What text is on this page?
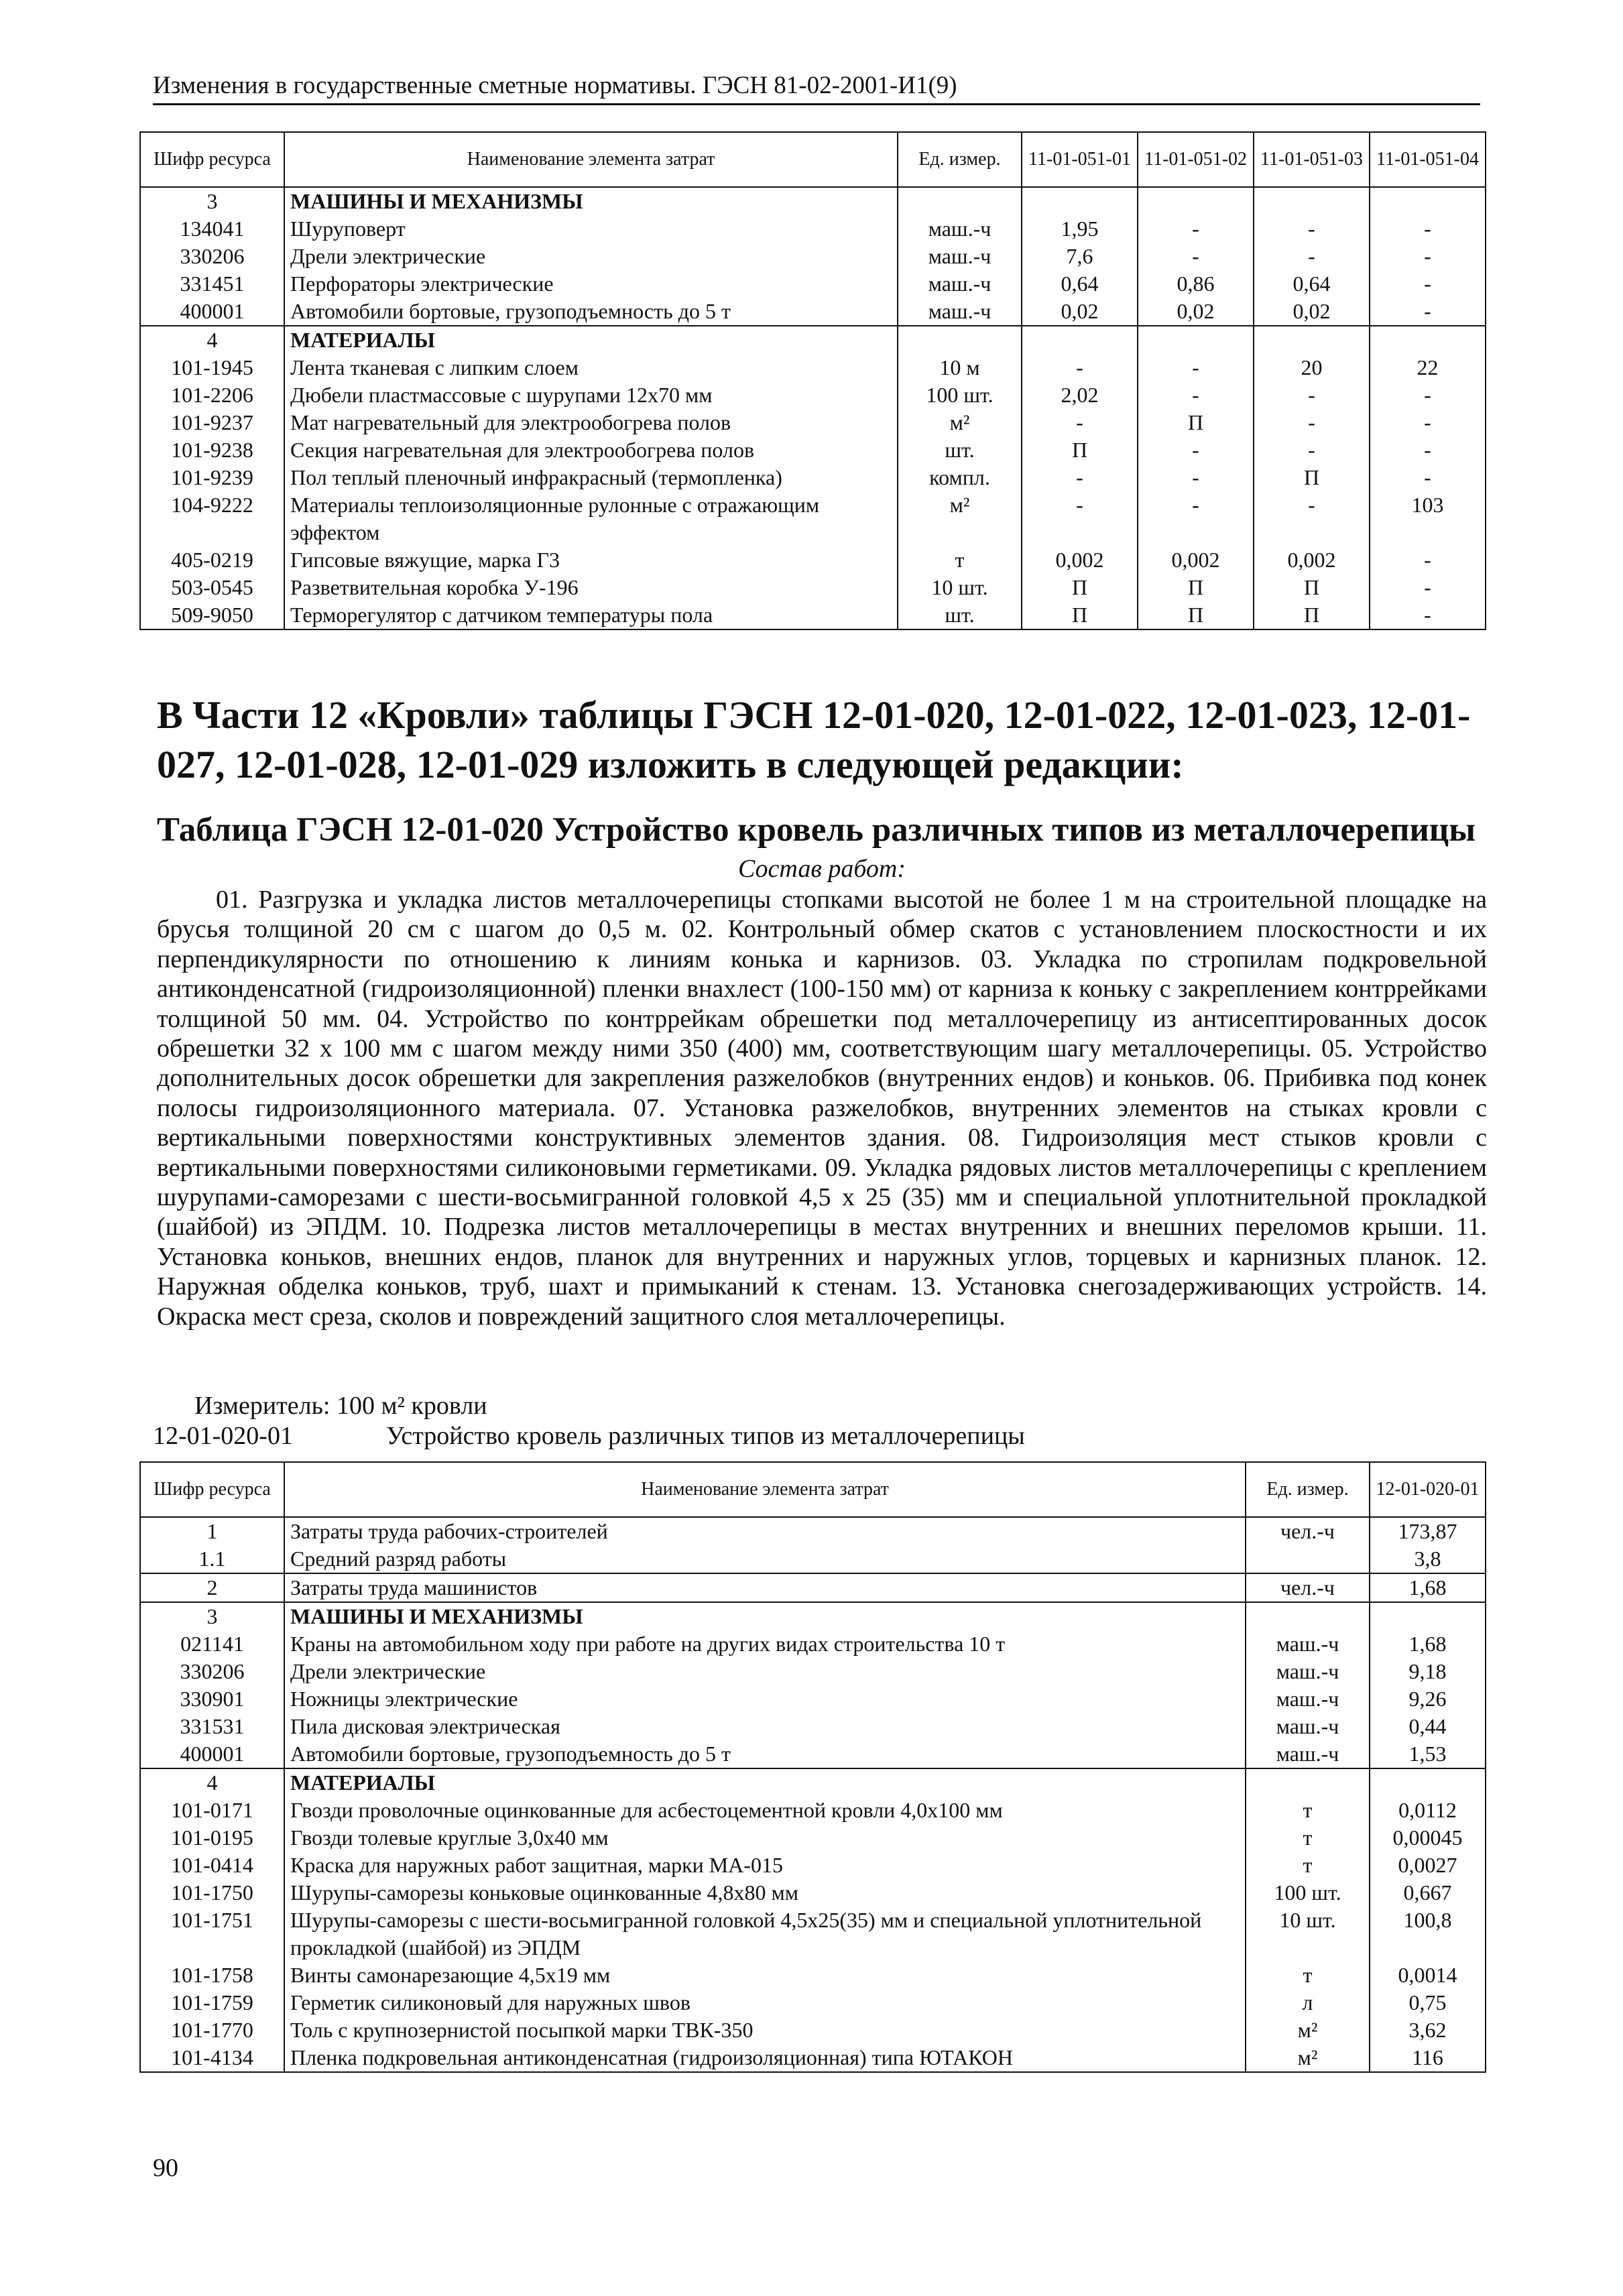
Изменения в государственные сметные нормативы. ГЭСН 81-02-2001-И1(9)
Шифр ресурса	Наименование элемента затрат	Ед. измер.	11-01-051-01	11-01-051-02	11-01-051-03	11-01-051-04
3	МАШИНЫ И МЕХАНИЗМЫ					
134041	Шуруповерт	маш.-ч	1,95	-	-	-
330206	Дрели электрические	маш.-ч	7,6	-	-	-
331451	Перфораторы электрические	маш.-ч	0,64	0,86	0,64	-
400001	Автомобили бортовые, грузоподъемность до 5 т	маш.-ч	0,02	0,02	0,02	-
4	МАТЕРИАЛЫ					
101-1945	Лента тканевая с липким слоем	10 м	-	-	20	22
101-2206	Дюбели пластмассовые с шурупами 12х70 мм	100 шт.	2,02	-	-	-
101-9237	Мат нагревательный для электрообогрева полов	м²	-	П	-	-
101-9238	Секция нагревательная для электрообогрева полов	шт.	П	-	-	-
101-9239	Пол теплый пленочный инфракрасный (термопленка)	компл.	-	-	П	-
104-9222	Материалы теплоизоляционные рулонные с отражающим эффектом	м²	-	-	-	103
405-0219	Гипсовые вяжущие, марка Г3	т	0,002	0,002	0,002	-
503-0545	Разветвительная коробка У-196	10 шт.	П	П	П	-
509-9050	Терморегулятор с датчиком температуры пола	шт.	П	П	П	-
В Части 12 «Кровли» таблицы ГЭСН 12-01-020, 12-01-022, 12-01-023, 12-01-027, 12-01-028, 12-01-029 изложить в следующей редакции:
Таблица ГЭСН 12-01-020 Устройство кровель различных типов из металлочерепицы
Состав работ:
01. Разгрузка и укладка листов металлочерепицы стопками высотой не более 1 м на строительной площадке на брусья толщиной 20 см с шагом до 0,5 м. 02. Контрольный обмер скатов с установлением плоскостности и их перпендикулярности по отношению к линиям конька и карнизов. 03. Укладка по стропилам подкровельной антиконденсатной (гидроизоляционной) пленки внахлест (100-150 мм) от карниза к коньку с закреплением контррейками толщиной 50 мм. 04. Устройство по контррейкам обрешетки под металлочерепицу из антисептированных досок обрешетки 32 х 100 мм с шагом между ними 350 (400) мм, соответствующим шагу металлочерепицы. 05. Устройство дополнительных досок обрешетки для закрепления разжелобков (внутренних ендов) и коньков. 06. Прибивка под конек полосы гидроизоляционного материала. 07. Установка разжелобков, внутренних элементов на стыках кровли с вертикальными поверхностями конструктивных элементов здания. 08. Гидроизоляция мест стыков кровли с вертикальными поверхностями силиконовыми герметиками. 09. Укладка рядовых листов металлочерепицы с креплением шурупами-саморезами с шести-восьмигранной головкой 4,5 х 25 (35) мм и специальной уплотнительной прокладкой (шайбой) из ЭПДМ. 10. Подрезка листов металлочерепицы в местах внутренних и внешних переломов крыши. 11. Установка коньков, внешних ендов, планок для внутренних и наружных углов, торцевых и карнизных планок. 12. Наружная обделка коньков, труб, шахт и примыканий к стенам. 13. Установка снегозадерживающих устройств. 14. Окраска мест среза, сколов и повреждений защитного слоя металлочерепицы.
Измеритель: 100 м² кровли
12-01-020-01	Устройство кровель различных типов из металлочерепицы
Шифр ресурса	Наименование элемента затрат	Ед. измер.	12-01-020-01
1	Затраты труда рабочих-строителей	чел.-ч	173,87
1.1	Средний разряд работы		3,8
2	Затраты труда машинистов	чел.-ч	1,68
3	МАШИНЫ И МЕХАНИЗМЫ		
021141	Краны на автомобильном ходу при работе на других видах строительства 10 т	маш.-ч	1,68
330206	Дрели электрические	маш.-ч	9,18
330901	Ножницы электрические	маш.-ч	9,26
331531	Пила дисковая электрическая	маш.-ч	0,44
400001	Автомобили бортовые, грузоподъемность до 5 т	маш.-ч	1,53
4	МАТЕРИАЛЫ		
101-0171	Гвозди проволочные оцинкованные для асбестоцементной кровли 4,0х100 мм	т	0,0112
101-0195	Гвозди толевые круглые 3,0х40 мм	т	0,00045
101-0414	Краска для наружных работ защитная, марки МА-015	т	0,0027
101-1750	Шурупы-саморезы коньковые оцинкованные 4,8х80 мм	100 шт.	0,667
101-1751	Шурупы-саморезы с шести-восьмигранной головкой 4,5х25(35) мм и специальной уплотнительной прокладкой (шайбой) из ЭПДМ	10 шт.	100,8
101-1758	Винты самонарезающие 4,5х19 мм	т	0,0014
101-1759	Герметик силиконовый для наружных швов	л	0,75
101-1770	Толь с крупнозернистой посыпкой марки ТВК-350	м²	3,62
101-4134	Пленка подкровельная антиконденсатная (гидроизоляционная) типа ЮТАКОН	м²	116
90
